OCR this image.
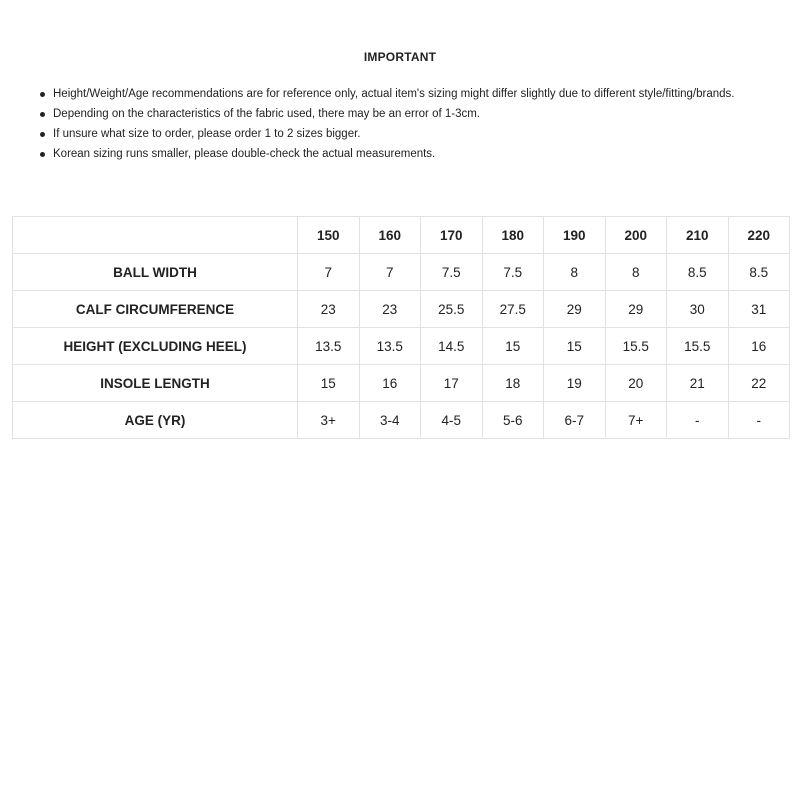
IMPORTANT
Height/Weight/Age recommendations are for reference only, actual item's sizing might differ slightly due to different style/fitting/brands.
Depending on the characteristics of the fabric used, there may be an error of 1-3cm.
If unsure what size to order, please order 1 to 2 sizes bigger.
Korean sizing runs smaller, please double-check the actual measurements.
	150	160	170	180	190	200	210	220
BALL WIDTH	7	7	7.5	7.5	8	8	8.5	8.5
CALF CIRCUMFERENCE	23	23	25.5	27.5	29	29	30	31
HEIGHT (EXCLUDING HEEL)	13.5	13.5	14.5	15	15	15.5	15.5	16
INSOLE LENGTH	15	16	17	18	19	20	21	22
AGE (YR)	3+	3-4	4-5	5-6	6-7	7+	-	-
